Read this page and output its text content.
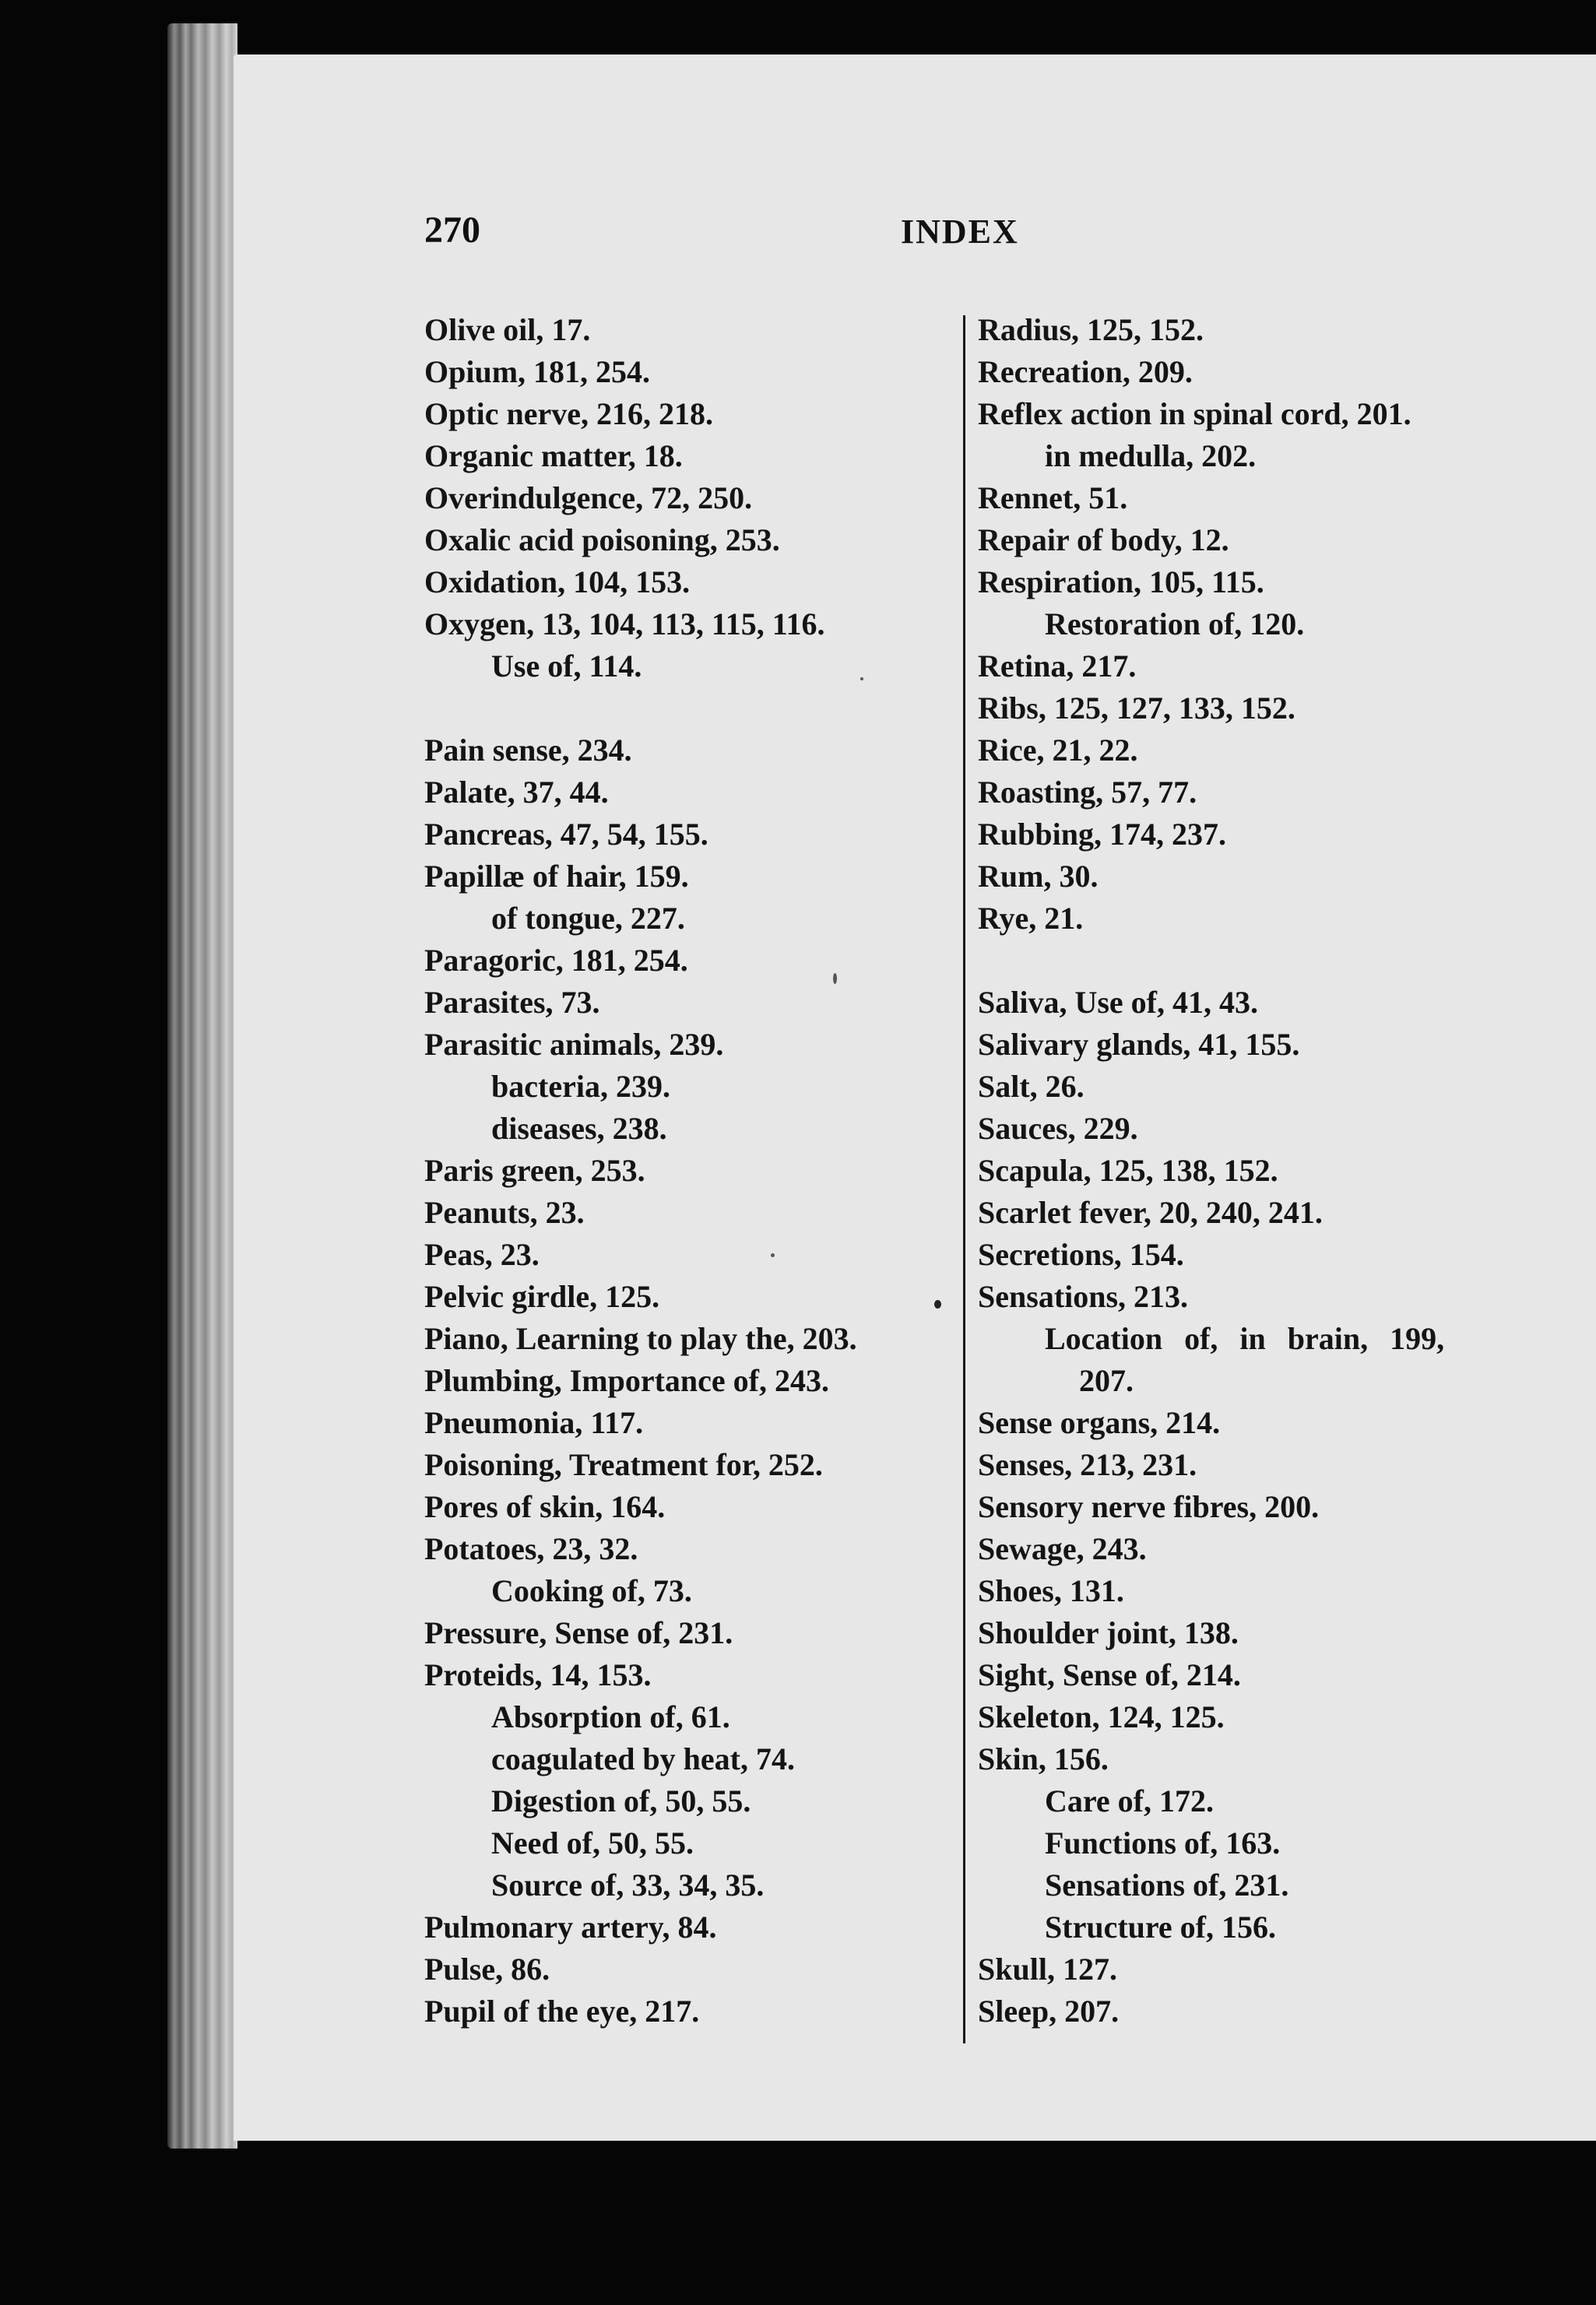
270	INDEX
Olive oil, 17.
Opium, 181, 254.
Optic nerve, 216, 218.
Organic matter, 18.
Overindulgence, 72, 250.
Oxalic acid poisoning, 253.
Oxidation, 104, 153.
Oxygen, 13, 104, 113, 115, 116.
Use of, 114.
Pain sense, 234.
Palate, 37, 44.
Pancreas, 47, 54, 155.
Papillæ of hair, 159.
of tongue, 227.
Paragoric, 181, 254.
Parasites, 73.
Parasitic animals, 239.
bacteria, 239.
diseases, 238.
Paris green, 253.
Peanuts, 23.
Peas, 23.
Pelvic girdle, 125.
Piano, Learning to play the, 203.
Plumbing, Importance of, 243.
Pneumonia, 117.
Poisoning, Treatment for, 252.
Pores of skin, 164.
Potatoes, 23, 32.
Cooking of, 73.
Pressure, Sense of, 231.
Proteids, 14, 153.
Absorption of, 61.
coagulated by heat, 74.
Digestion of, 50, 55.
Need of, 50, 55.
Source of, 33, 34, 35.
Pulmonary artery, 84.
Pulse, 86.
Pupil of the eye, 217.
Radius, 125, 152.
Recreation, 209.
Reflex action in spinal cord, 201.
in medulla, 202.
Rennet, 51.
Repair of body, 12.
Respiration, 105, 115.
Restoration of, 120.
Retina, 217.
Ribs, 125, 127, 133, 152.
Rice, 21, 22.
Roasting, 57, 77.
Rubbing, 174, 237.
Rum, 30.
Rye, 21.
Saliva, Use of, 41, 43.
Salivary glands, 41, 155.
Salt, 26.
Sauces, 229.
Scapula, 125, 138, 152.
Scarlet fever, 20, 240, 241.
Secretions, 154.
Sensations, 213.
Location of, in brain, 199,
207.
Sense organs, 214.
Senses, 213, 231.
Sensory nerve fibres, 200.
Sewage, 243.
Shoes, 131.
Shoulder joint, 138.
Sight, Sense of, 214.
Skeleton, 124, 125.
Skin, 156.
Care of, 172.
Functions of, 163.
Sensations of, 231.
Structure of, 156.
Skull, 127.
Sleep, 207.
